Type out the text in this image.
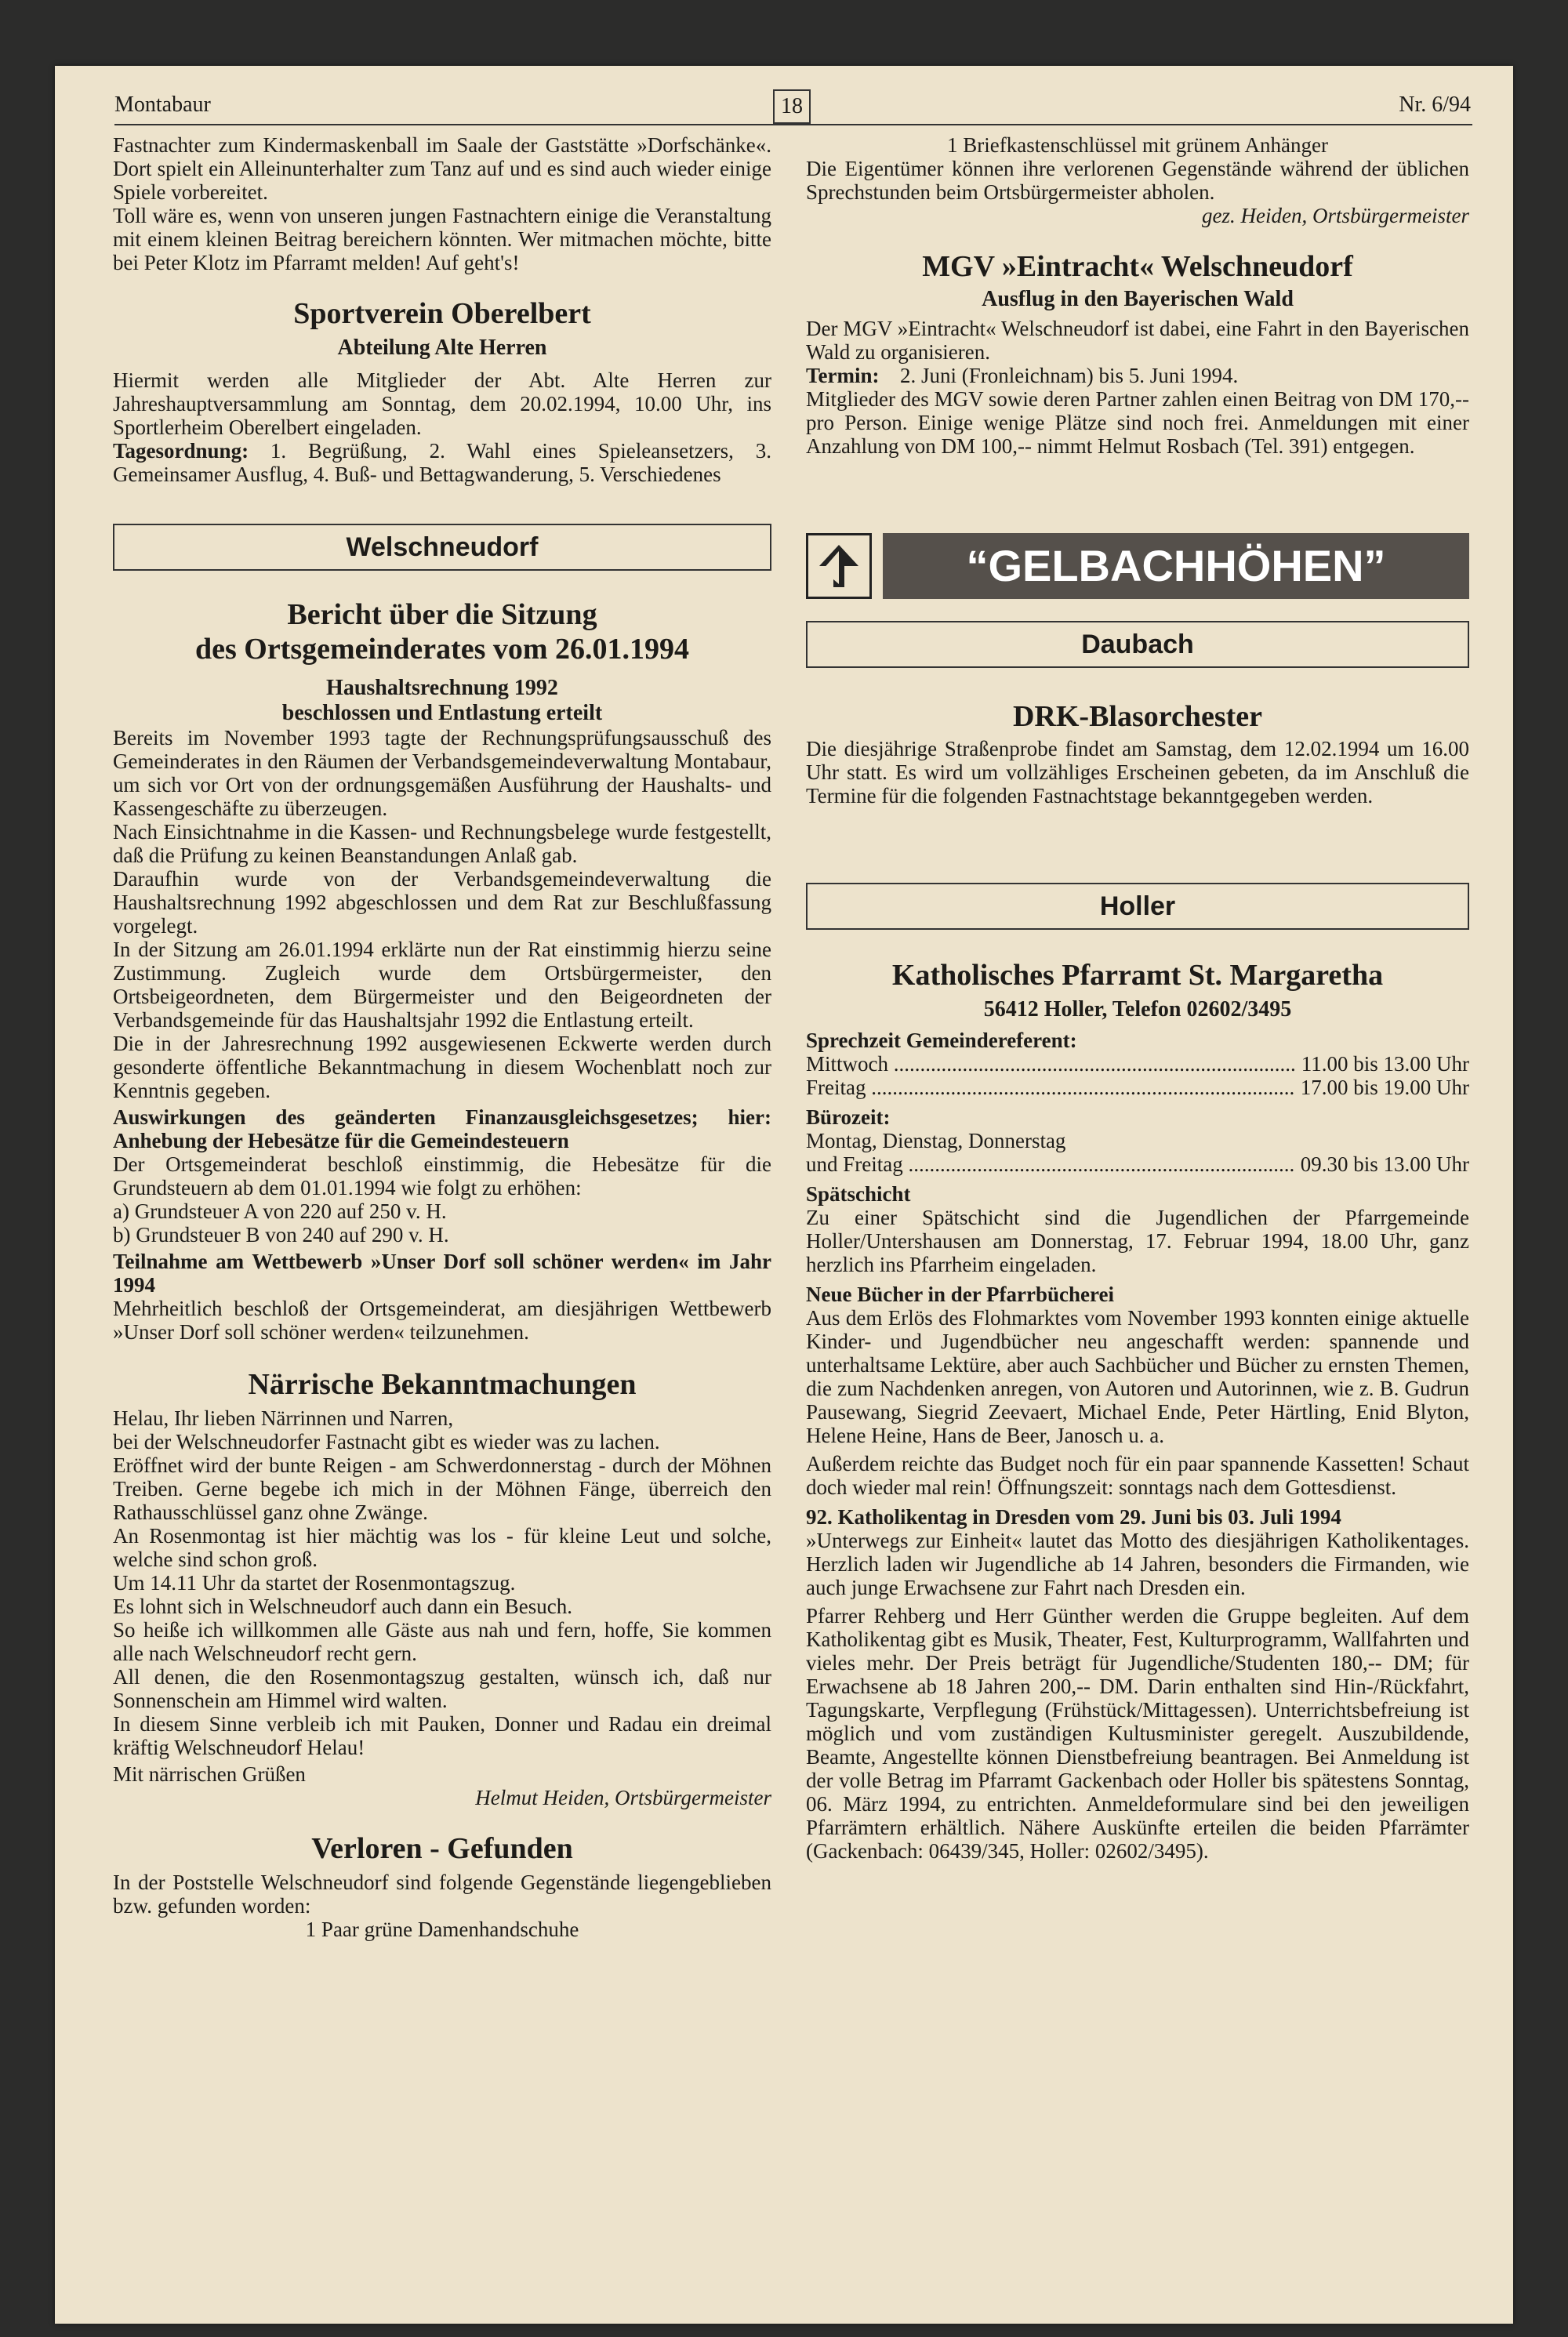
Montabaur	18	Nr. 6/94

Fastnachter zum Kindermaskenball im Saale der Gaststätte »Dorfschänke«. Dort spielt ein Alleinunterhalter zum Tanz auf und es sind auch wieder einige Spiele vorbereitet.

Toll wäre es, wenn von unseren jungen Fastnachtern einige die Veranstaltung mit einem kleinen Beitrag bereichern könnten. Wer mitmachen möchte, bitte bei Peter Klotz im Pfarramt melden! Auf geht's!

Sportverein Oberelbert
Abteilung Alte Herren

Hiermit werden alle Mitglieder der Abt. Alte Herren zur Jahreshauptversammlung am Sonntag, dem 20.02.1994, 10.00 Uhr, ins Sportlerheim Oberelbert eingeladen.

Tagesordnung: 1. Begrüßung, 2. Wahl eines Spieleansetzers, 3. Gemeinsamer Ausflug, 4. Buß- und Bettagwanderung, 5. Verschiedenes

Welschneudorf
Bericht über die Sitzung
des Ortsgemeinderates vom 26.01.1994
Haushaltsrechnung 1992
beschlossen und Entlastung erteilt

Bereits im November 1993 tagte der Rechnungsprüfungsausschuß des Gemeinderates in den Räumen der Verbandsgemeindeverwaltung Montabaur, um sich vor Ort von der ordnungsgemäßen Ausführung der Haushalts- und Kassengeschäfte zu überzeugen.

Nach Einsichtnahme in die Kassen- und Rechnungsbelege wurde festgestellt, daß die Prüfung zu keinen Beanstandungen Anlaß gab.

Daraufhin wurde von der Verbandsgemeindeverwaltung die Haushaltsrechnung 1992 abgeschlossen und dem Rat zur Beschlußfassung vorgelegt.

In der Sitzung am 26.01.1994 erklärte nun der Rat einstimmig hierzu seine Zustimmung. Zugleich wurde dem Ortsbürgermeister, den Ortsbeigeordneten, dem Bürgermeister und den Beigeordneten der Verbandsgemeinde für das Haushaltsjahr 1992 die Entlastung erteilt.

Die in der Jahresrechnung 1992 ausgewiesenen Eckwerte werden durch gesonderte öffentliche Bekanntmachung in diesem Wochenblatt noch zur Kenntnis gegeben.

Auswirkungen des geänderten Finanzausgleichsgesetzes; hier: Anhebung der Hebesätze für die Gemeindesteuern

Der Ortsgemeinderat beschloß einstimmig, die Hebesätze für die Grundsteuern ab dem 01.01.1994 wie folgt zu erhöhen:

a) Grundsteuer A von 220 auf 250 v. H.

b) Grundsteuer B von 240 auf 290 v. H.

Teilnahme am Wettbewerb »Unser Dorf soll schöner werden« im Jahr 1994

Mehrheitlich beschloß der Ortsgemeinderat, am diesjährigen Wettbewerb »Unser Dorf soll schöner werden« teilzunehmen.

Närrische Bekanntmachungen

Helau, Ihr lieben Närrinnen und Narren,

bei der Welschneudorfer Fastnacht gibt es wieder was zu lachen.

Eröffnet wird der bunte Reigen - am Schwerdonnerstag - durch der Möhnen Treiben. Gerne begebe ich mich in der Möhnen Fänge, überreich den Rathausschlüssel ganz ohne Zwänge.

An Rosenmontag ist hier mächtig was los - für kleine Leut und solche, welche sind schon groß.

Um 14.11 Uhr da startet der Rosenmontagszug.

Es lohnt sich in Welschneudorf auch dann ein Besuch.

So heiße ich willkommen alle Gäste aus nah und fern, hoffe, Sie kommen alle nach Welschneudorf recht gern.

All denen, die den Rosenmontagszug gestalten, wünsch ich, daß nur Sonnenschein am Himmel wird walten.

In diesem Sinne verbleib ich mit Pauken, Donner und Radau ein dreimal kräftig Welschneudorf Helau!

Mit närrischen Grüßen

Helmut Heiden, Ortsbürgermeister

Verloren - Gefunden

In der Poststelle Welschneudorf sind folgende Gegenstände liegengeblieben bzw. gefunden worden:

1 Paar grüne Damenhandschuhe

1 Briefkastenschlüssel mit grünem Anhänger

Die Eigentümer können ihre verlorenen Gegenstände während der üblichen Sprechstunden beim Ortsbürgermeister abholen.

gez. Heiden, Ortsbürgermeister

MGV »Eintracht« Welschneudorf
Ausflug in den Bayerischen Wald

Der MGV »Eintracht« Welschneudorf ist dabei, eine Fahrt in den Bayerischen Wald zu organisieren.

Termin: 2. Juni (Fronleichnam) bis 5. Juni 1994.

Mitglieder des MGV sowie deren Partner zahlen einen Beitrag von DM 170,-- pro Person. Einige wenige Plätze sind noch frei. Anmeldungen mit einer Anzahlung von DM 100,-- nimmt Helmut Rosbach (Tel. 391) entgegen.

“GELBACHHÖHEN”
Daubach
DRK-Blasorchester

Die diesjährige Straßenprobe findet am Samstag, dem 12.02.1994 um 16.00 Uhr statt. Es wird um vollzähliges Erscheinen gebeten, da im Anschluß die Termine für die folgenden Fastnachtstage bekanntgegeben werden.

Holler
Katholisches Pfarramt St. Margaretha
56412 Holler, Telefon 02602/3495

Sprechzeit Gemeindereferent:

Mittwoch .....	11.00 bis 13.00 Uhr
Freitag .....	17.00 bis 19.00 Uhr

Bürozeit:

Montag, Dienstag, Donnerstag

und Freitag .....	09.30 bis 13.00 Uhr

Spätschicht

Zu einer Spätschicht sind die Jugendlichen der Pfarrgemeinde Holler/Untershausen am Donnerstag, 17. Februar 1994, 18.00 Uhr, ganz herzlich ins Pfarrheim eingeladen.

Neue Bücher in der Pfarrbücherei

Aus dem Erlös des Flohmarktes vom November 1993 konnten einige aktuelle Kinder- und Jugendbücher neu angeschafft werden: spannende und unterhaltsame Lektüre, aber auch Sachbücher und Bücher zu ernsten Themen, die zum Nachdenken anregen, von Autoren und Autorinnen, wie z. B. Gudrun Pausewang, Siegrid Zeevaert, Michael Ende, Peter Härtling, Enid Blyton, Helene Heine, Hans de Beer, Janosch u. a.

Außerdem reichte das Budget noch für ein paar spannende Kassetten! Schaut doch wieder mal rein! Öffnungszeit: sonntags nach dem Gottesdienst.

92. Katholikentag in Dresden vom 29. Juni bis 03. Juli 1994

»Unterwegs zur Einheit« lautet das Motto des diesjährigen Katholikentages. Herzlich laden wir Jugendliche ab 14 Jahren, besonders die Firmanden, wie auch junge Erwachsene zur Fahrt nach Dresden ein.

Pfarrer Rehberg und Herr Günther werden die Gruppe begleiten. Auf dem Katholikentag gibt es Musik, Theater, Fest, Kulturprogramm, Wallfahrten und vieles mehr. Der Preis beträgt für Jugendliche/Studenten 180,-- DM; für Erwachsene ab 18 Jahren 200,-- DM. Darin enthalten sind Hin-/Rückfahrt, Tagungskarte, Verpflegung (Frühstück/Mittagessen). Unterrichtsbefreiung ist möglich und vom zuständigen Kultusminister geregelt. Auszubildende, Beamte, Angestellte können Dienstbefreiung beantragen. Bei Anmeldung ist der volle Betrag im Pfarramt Gackenbach oder Holler bis spätestens Sonntag, 06. März 1994, zu entrichten. Anmeldeformulare sind bei den jeweiligen Pfarrämtern erhältlich. Nähere Auskünfte erteilen die beiden Pfarrämter (Gackenbach: 06439/345, Holler: 02602/3495).
